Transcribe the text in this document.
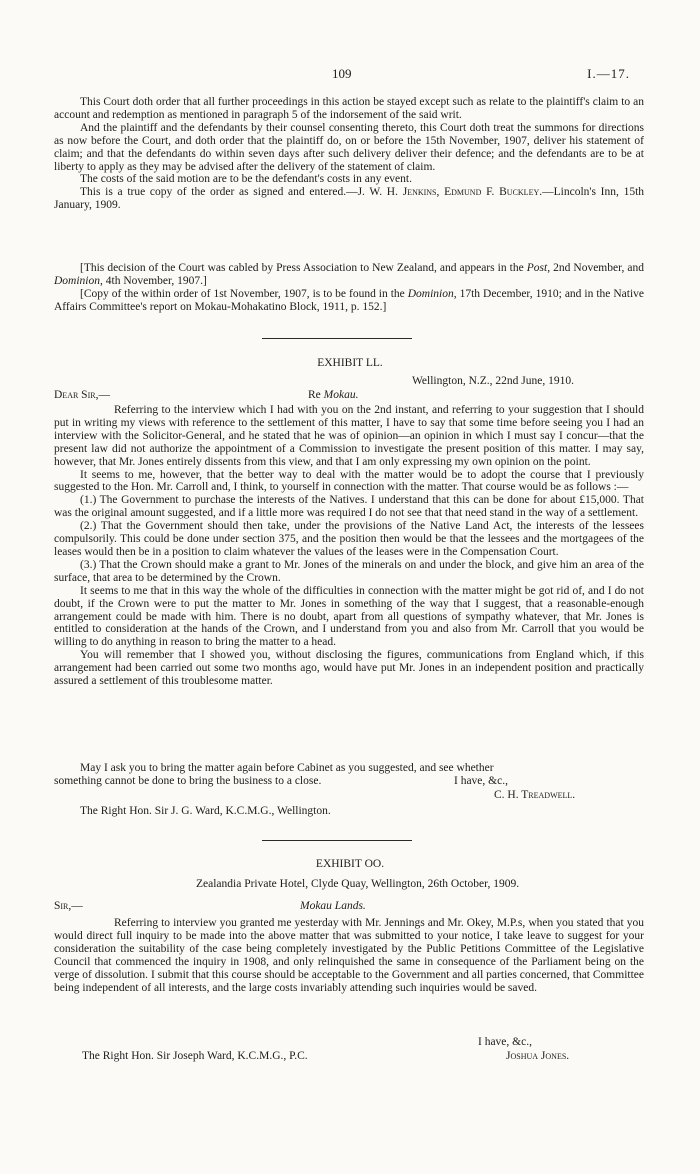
109	I.—17.

This Court doth order that all further proceedings in this action be stayed except such as relate to the plaintiff's claim to an account and redemption as mentioned in paragraph 5 of the indorsement of the said writ.

And the plaintiff and the defendants by their counsel consenting thereto, this Court doth treat the summons for directions as now before the Court, and doth order that the plaintiff do, on or before the 15th November, 1907, deliver his statement of claim; and that the defendants do within seven days after such delivery deliver their defence; and the defendants are to be at liberty to apply as they may be advised after the delivery of the statement of claim.

The costs of the said motion are to be the defendant's costs in any event.

This is a true copy of the order as signed and entered.—J. W. H. Jenkins, Edmund F. Buckley.—Lincoln's Inn, 15th January, 1909.

[This decision of the Court was cabled by Press Association to New Zealand, and appears in the Post, 2nd November, and Dominion, 4th November, 1907.]

[Copy of the within order of 1st November, 1907, is to be found in the Dominion, 17th December, 1910; and in the Native Affairs Committee's report on Mokau-Mohakatino Block, 1911, p. 152.]

EXHIBIT LL.
Wellington, N.Z., 22nd June, 1910.
Dear Sir,—	Re Mokau.

Referring to the interview which I had with you on the 2nd instant, and referring to your suggestion that I should put in writing my views with reference to the settlement of this matter, I have to say that some time before seeing you I had an interview with the Solicitor-General, and he stated that he was of opinion—an opinion in which I must say I concur—that the present law did not authorize the appointment of a Commission to investigate the present position of this matter. I may say, however, that Mr. Jones entirely dissents from this view, and that I am only expressing my own opinion on the point.

It seems to me, however, that the better way to deal with the matter would be to adopt the course that I previously suggested to the Hon. Mr. Carroll and, I think, to yourself in connection with the matter. That course would be as follows :—

(1.) The Government to purchase the interests of the Natives. I understand that this can be done for about £15,000. That was the original amount suggested, and if a little more was required I do not see that that need stand in the way of a settlement.

(2.) That the Government should then take, under the provisions of the Native Land Act, the interests of the lessees compulsorily. This could be done under section 375, and the position then would be that the lessees and the mortgagees of the leases would then be in a position to claim whatever the values of the leases were in the Compensation Court.

(3.) That the Crown should make a grant to Mr. Jones of the minerals on and under the block, and give him an area of the surface, that area to be determined by the Crown.

It seems to me that in this way the whole of the difficulties in connection with the matter might be got rid of, and I do not doubt, if the Crown were to put the matter to Mr. Jones in something of the way that I suggest, that a reasonable-enough arrangement could be made with him. There is no doubt, apart from all questions of sympathy whatever, that Mr. Jones is entitled to consideration at the hands of the Crown, and I understand from you and also from Mr. Carroll that you would be willing to do anything in reason to bring the matter to a head.

You will remember that I showed you, without disclosing the figures, communications from England which, if this arrangement had been carried out some two months ago, would have put Mr. Jones in an independent position and practically assured a settlement of this troublesome matter.

May I ask you to bring the matter again before Cabinet as you suggested, and see whether
something cannot be done to bring the business to a close.	I have, &c.,
C. H. Treadwell.
The Right Hon. Sir J. G. Ward, K.C.M.G., Wellington.
EXHIBIT OO.
Zealandia Private Hotel, Clyde Quay, Wellington, 26th October, 1909.
Sir,—	Mokau Lands.

Referring to interview you granted me yesterday with Mr. Jennings and Mr. Okey, M.P.s, when you stated that you would direct full inquiry to be made into the above matter that was submitted to your notice, I take leave to suggest for your consideration the suitability of the case being completely investigated by the Public Petitions Committee of the Legislative Council that commenced the inquiry in 1908, and only relinquished the same in consequence of the Parliament being on the verge of dissolution. I submit that this course should be acceptable to the Government and all parties concerned, that Committee being independent of all interests, and the large costs invariably attending such inquiries would be saved.

I have, &c.,
The Right Hon. Sir Joseph Ward, K.C.M.G., P.C.	Joshua Jones.
